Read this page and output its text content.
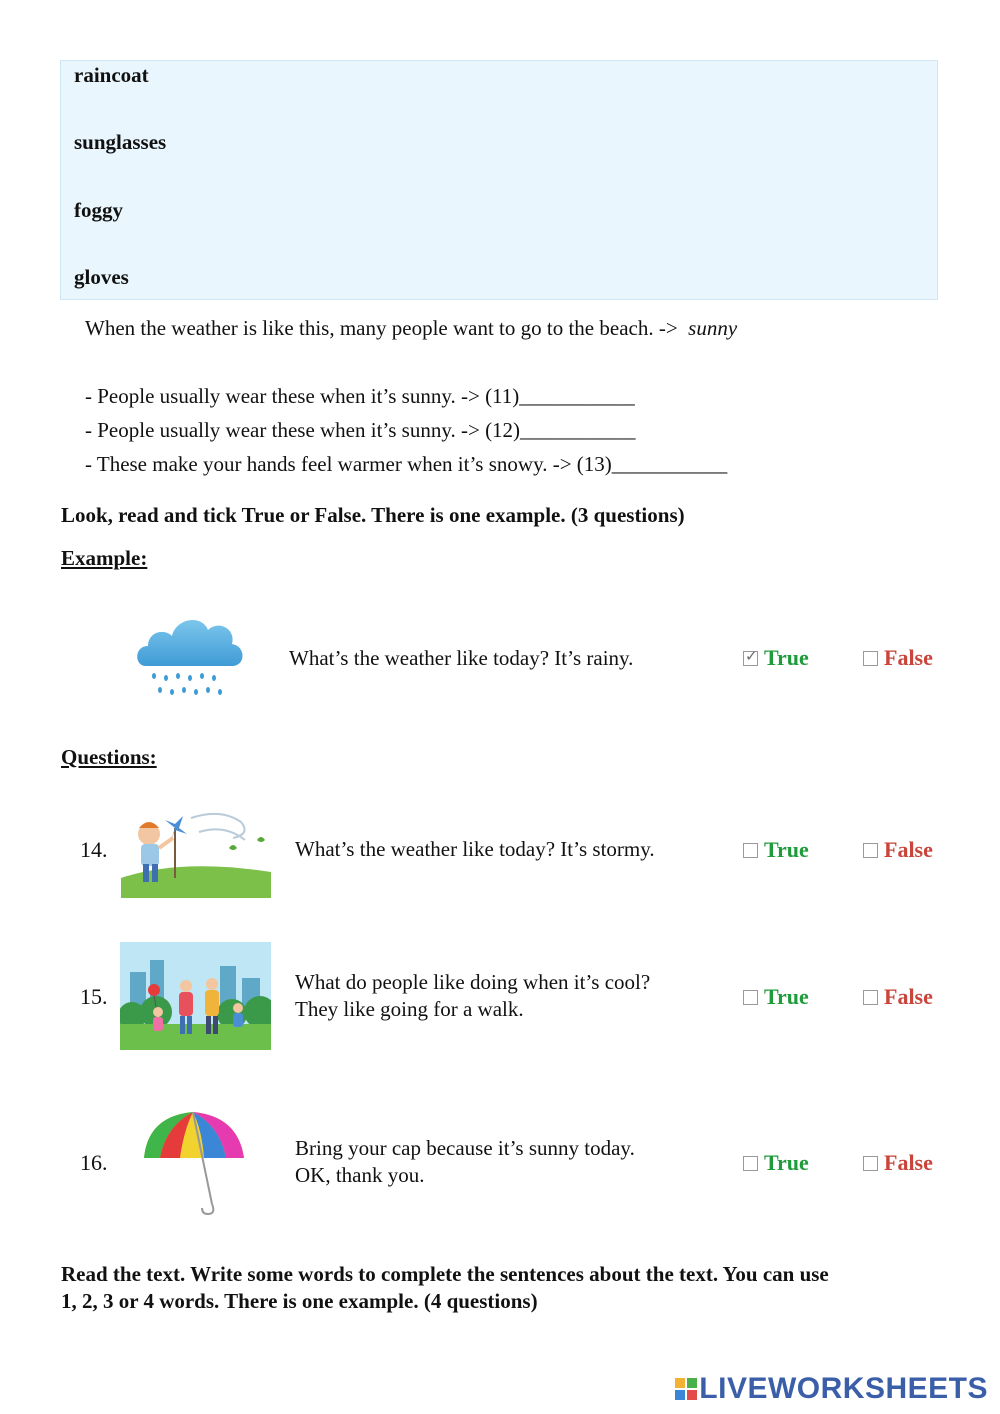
raincoat
sunglasses
foggy
gloves
When the weather is like this, many people want to go to the beach. -> sunny
- People usually wear these when it’s sunny. -> (11)___________
- People usually wear these when it’s sunny. -> (12)___________
- These make your hands feel warmer when it’s snowy. -> (13)___________
Look, read and tick True or False. There is one example. (3 questions)
Example:
What’s the weather like today? It’s rainy.
✓	True	False
Questions:
14.	What’s the weather like today? It’s stormy.	True	False
15.
What do people like doing when it’s cool?
They like going for a walk.	True	False
16.
Bring your cap because it’s sunny today.
OK, thank you.	True	False
Read the text. Write some words to complete the sentences about the text. You can use
1, 2, 3 or 4 words. There is one example. (4 questions)
LIVEWORKSHEETS
